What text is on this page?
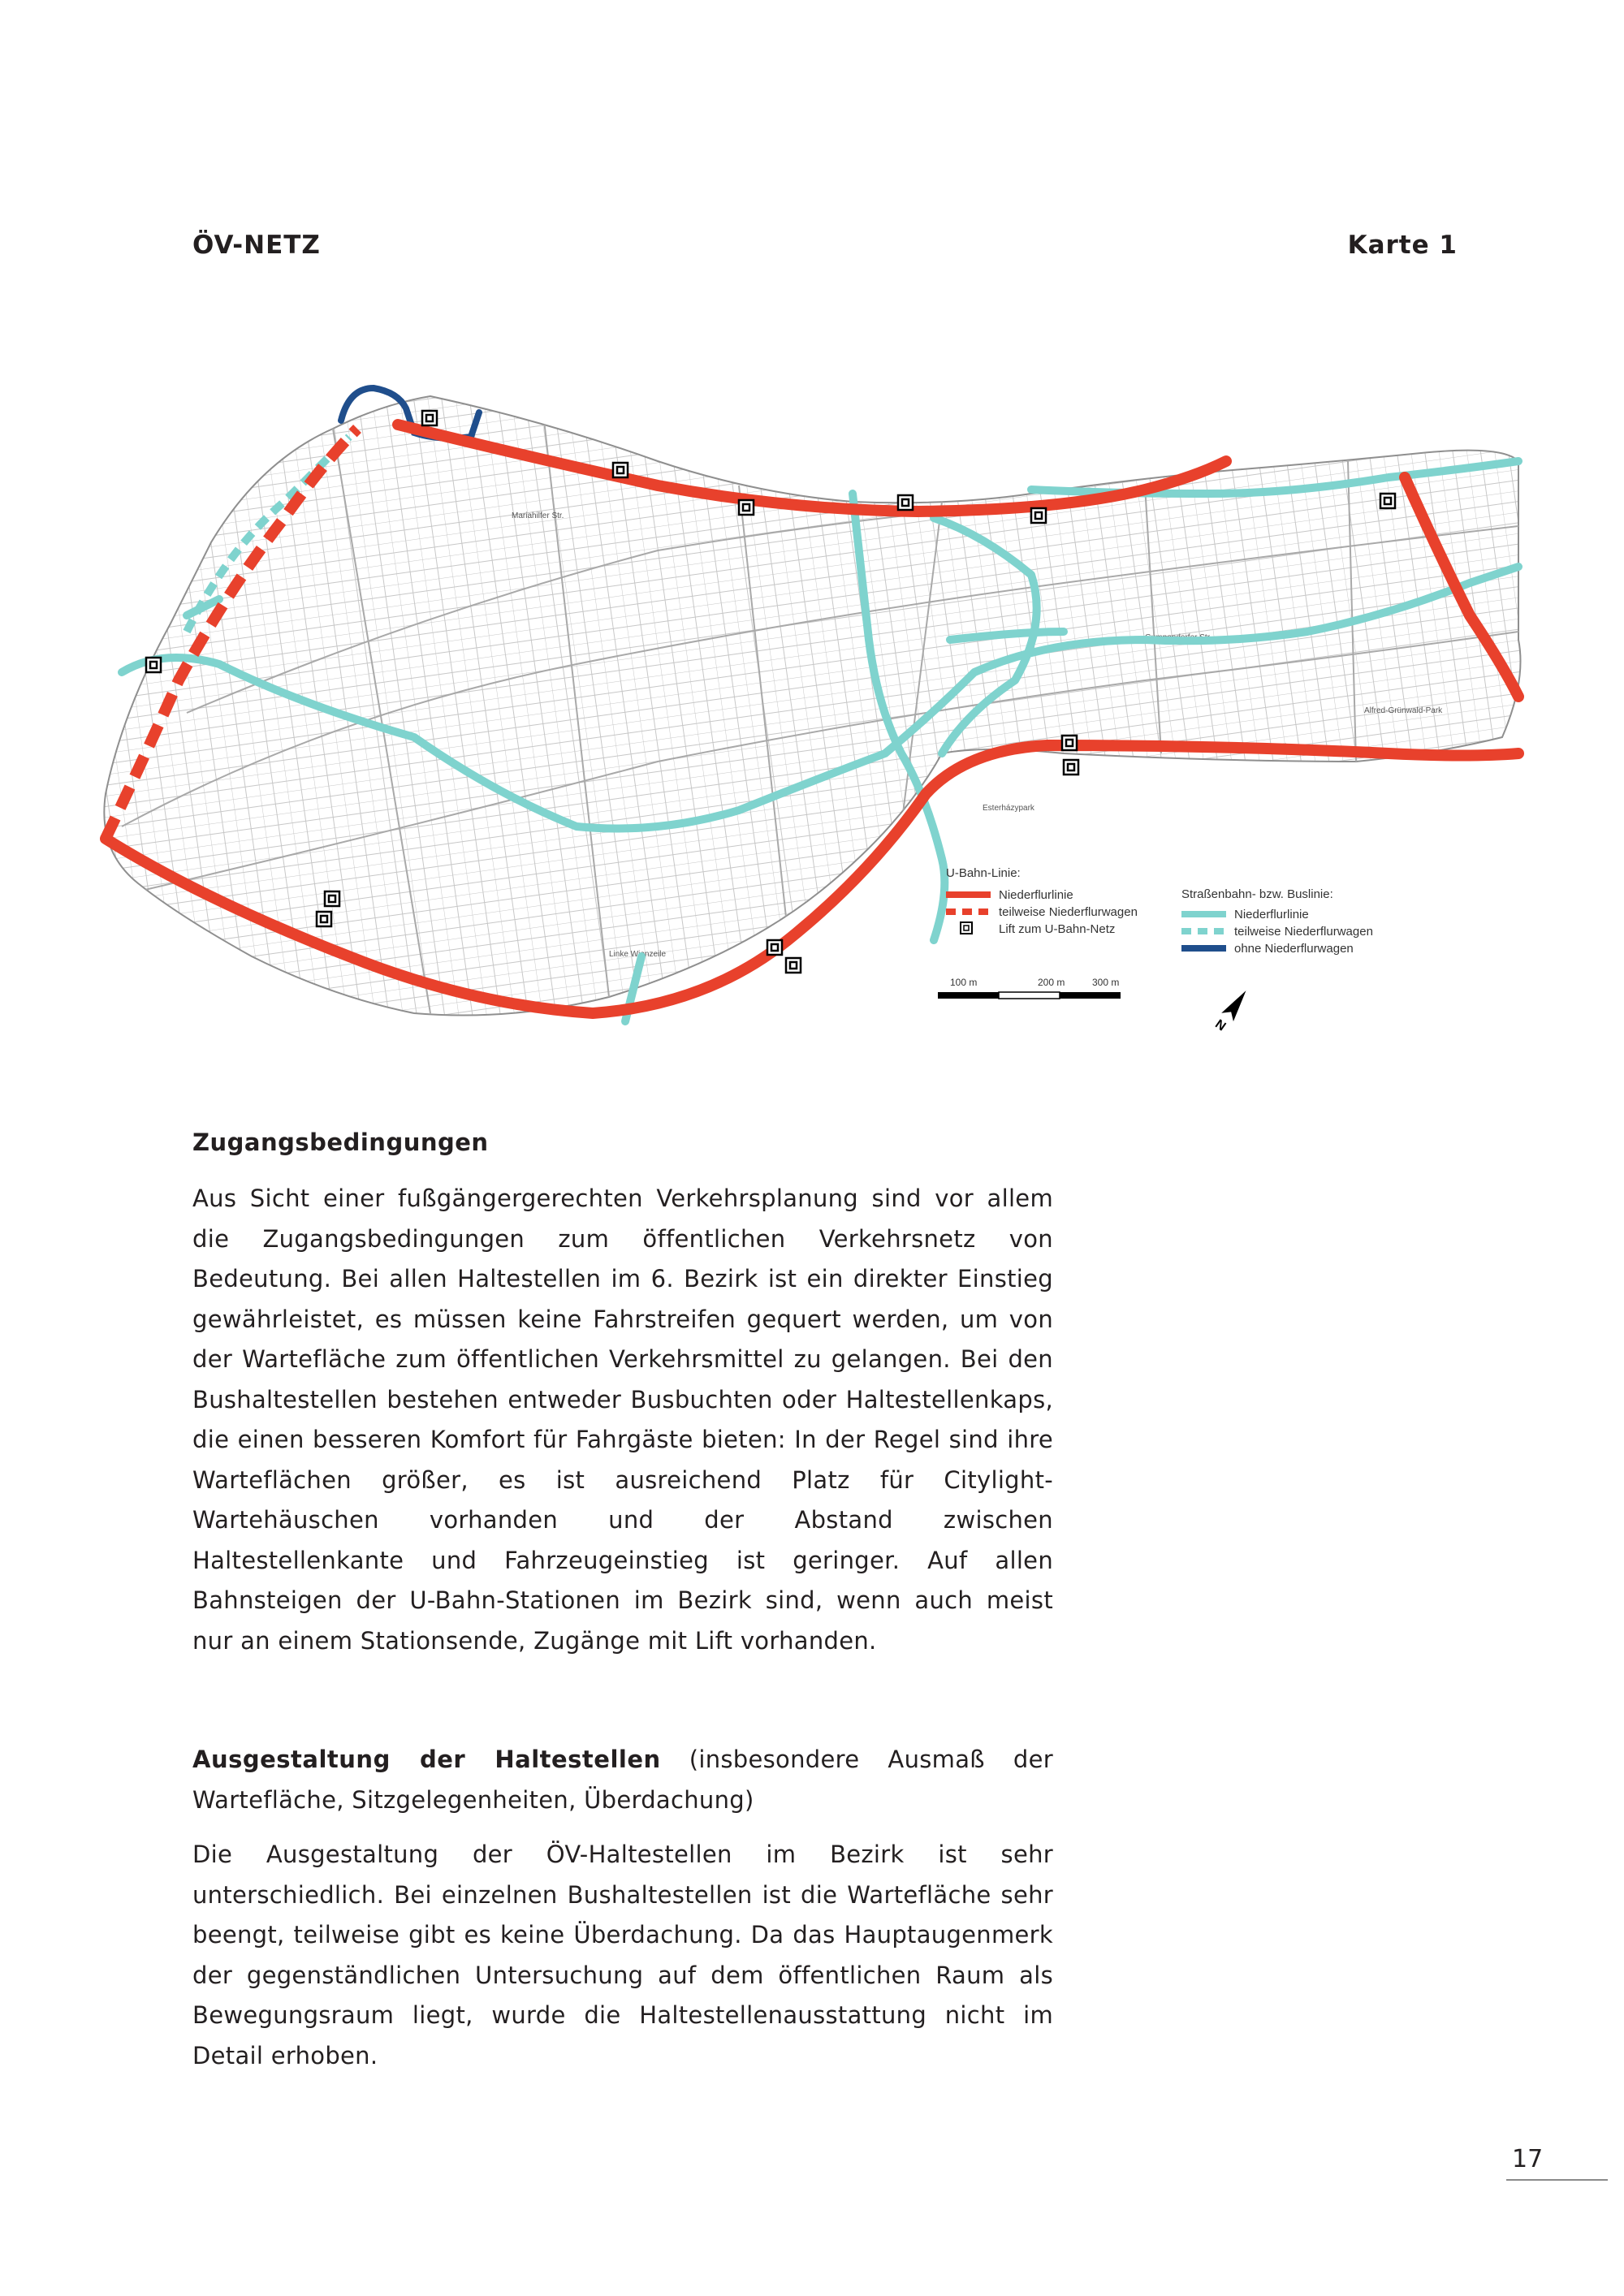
ÖV-NETZ	Karte 1
Mariahilfer Str.
Gumpendorfer Str.
Linke Wienzeile
Linke Wienzeile
Esterházypark
Alfred-Grünwald-Park
U-Bahn-Linie:
Niederflurlinie
teilweise Niederflurwagen
Lift zum U-Bahn-Netz
Straßenbahn- bzw. Buslinie:
Niederflurlinie
teilweise Niederflurwagen
ohne Niederflurwagen
100 m	200 m	300 m
N
Zugangsbedingungen

Aus Sicht einer fußgängergerechten Verkehrsplanung sind vor allem die Zugangsbedingungen zum öffentlichen Verkehrsnetz von Bedeutung. Bei allen Haltestellen im 6. Bezirk ist ein direkter Einstieg gewährleistet, es müssen keine Fahrstreifen gequert werden, um von der Wartefläche zum öffentlichen Verkehrsmittel zu gelangen. Bei den Bushaltestellen bestehen entweder Busbuchten oder Haltestellenkaps, die einen besseren Komfort für Fahrgäste bieten: In der Regel sind ihre Warteflächen größer, es ist ausreichend Platz für Citylight-Wartehäuschen vorhanden und der Abstand zwischen Haltestellenkante und Fahrzeugeinstieg ist geringer. Auf allen Bahnsteigen der U-Bahn-Stationen im Bezirk sind, wenn auch meist nur an einem Stationsende, Zugänge mit Lift vorhanden.

Ausgestaltung der Haltestellen (insbesondere Ausmaß der Wartefläche, Sitzgelegenheiten, Überdachung)

Die Ausgestaltung der ÖV-Haltestellen im Bezirk ist sehr unterschiedlich. Bei einzelnen Bushaltestellen ist die Wartefläche sehr beengt, teilweise gibt es keine Überdachung. Da das Hauptaugenmerk der gegenständlichen Untersuchung auf dem öffentlichen Raum als Bewegungsraum liegt, wurde die Haltestellenausstattung nicht im Detail erhoben.

17
